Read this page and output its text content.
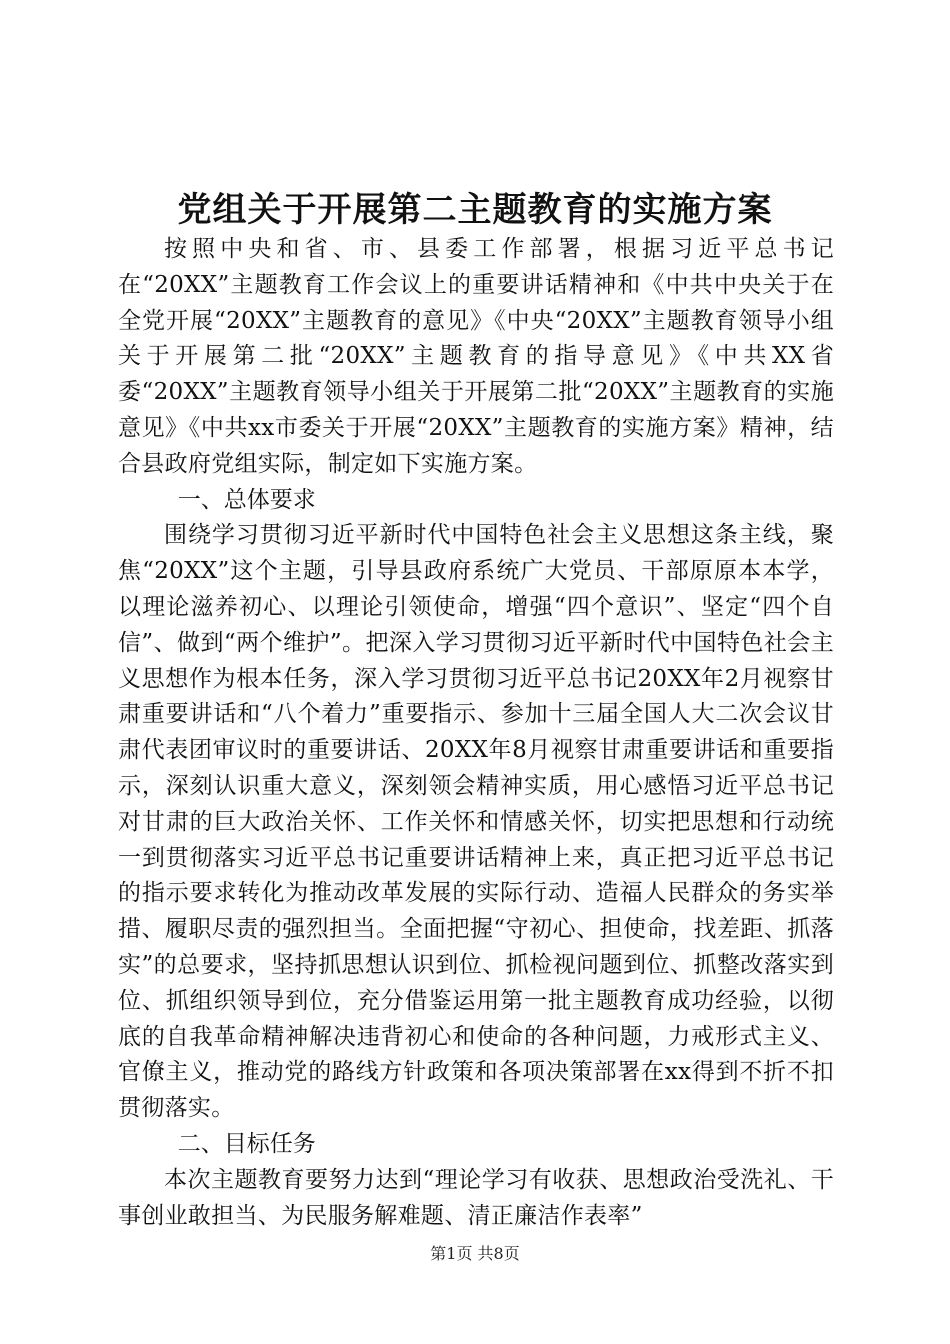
党组关于开展第二主题教育的实施方案

按照中央和省、市、县委工作部署，根据习近平总书记在“20XX”主题教育工作会议上的重要讲话精神和《中共中央关于在全党开展“20XX”主题教育的意见》《中央“20XX”主题教育领导小组关于开展第二批“20XX”主题教育的指导意见》《中共XX省委“20XX”主题教育领导小组关于开展第二批“20XX”主题教育的实施意见》《中共xx市委关于开展“20XX”主题教育的实施方案》精神，结合县政府党组实际，制定如下实施方案。

一、总体要求

围绕学习贯彻习近平新时代中国特色社会主义思想这条主线，聚焦“20XX”这个主题，引导县政府系统广大党员、干部原原本本学，以理论滋养初心、以理论引领使命，增强“四个意识”、坚定“四个自信”、做到“两个维护”。把深入学习贯彻习近平新时代中国特色社会主义思想作为根本任务，深入学习贯彻习近平总书记20XX年2月视察甘肃重要讲话和“八个着力”重要指示、参加十三届全国人大二次会议甘肃代表团审议时的重要讲话、20XX年8月视察甘肃重要讲话和重要指示，深刻认识重大意义，深刻领会精神实质，用心感悟习近平总书记对甘肃的巨大政治关怀、工作关怀和情感关怀，切实把思想和行动统一到贯彻落实习近平总书记重要讲话精神上来，真正把习近平总书记的指示要求转化为推动改革发展的实际行动、造福人民群众的务实举措、履职尽责的强烈担当。全面把握“守初心、担使命，找差距、抓落实”的总要求，坚持抓思想认识到位、抓检视问题到位、抓整改落实到位、抓组织领导到位，充分借鉴运用第一批主题教育成功经验，以彻底的自我革命精神解决违背初心和使命的各种问题，力戒形式主义、官僚主义，推动党的路线方针政策和各项决策部署在xx得到不折不扣贯彻落实。

二、目标任务

本次主题教育要努力达到“理论学习有收获、思想政治受洗礼、干事创业敢担当、为民服务解难题、清正廉洁作表率”

第1页 共8页
